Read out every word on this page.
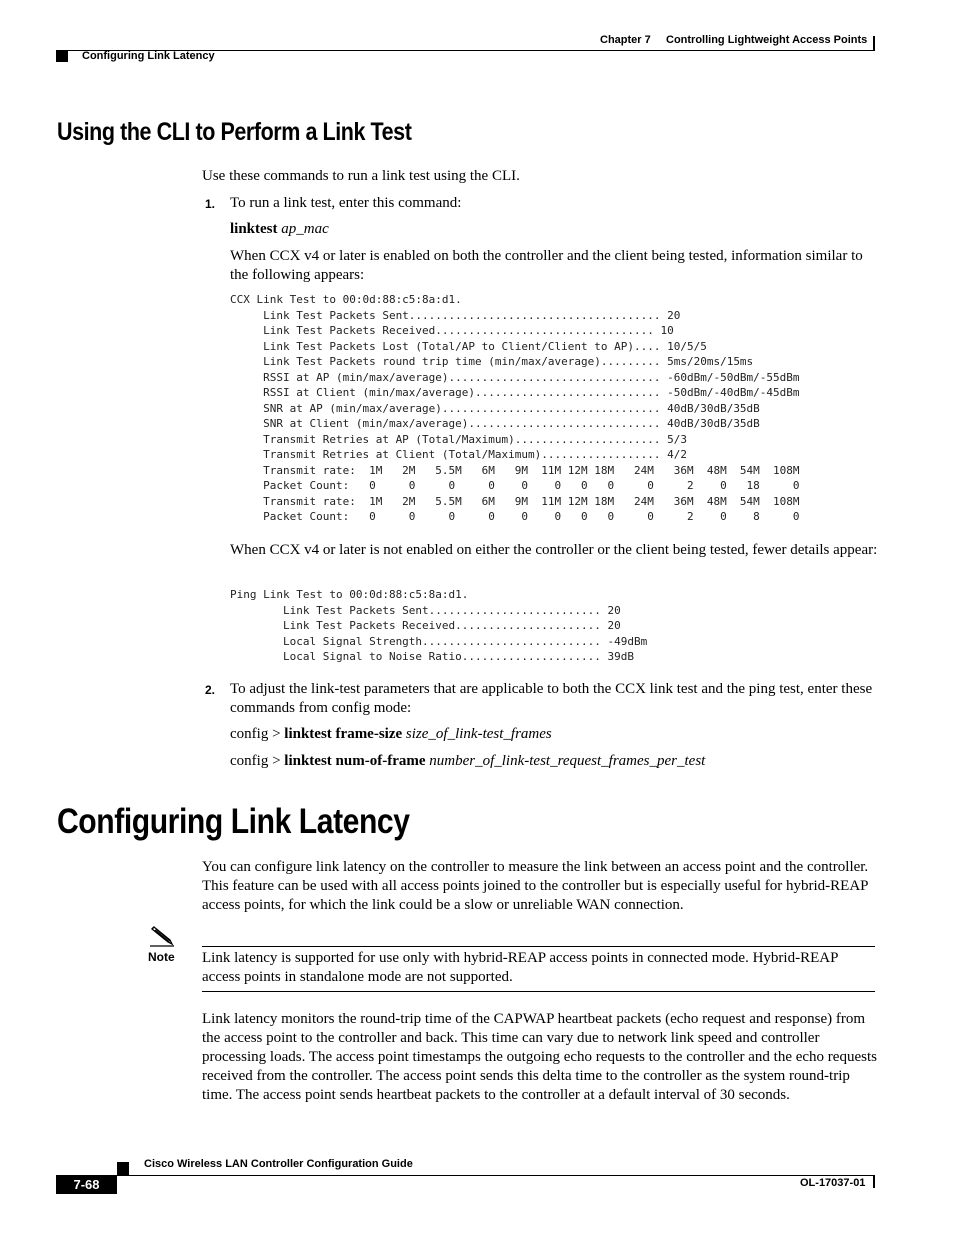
Chapter 7 Controlling Lightweight Access Points
Configuring Link Latency
Using the CLI to Perform a Link Test
Use these commands to run a link test using the CLI.
1. To run a link test, enter this command:
linktest ap_mac
When CCX v4 or later is enabled on both the controller and the client being tested, information similar to the following appears:
CCX Link Test to 00:0d:88:c5:8a:d1.
Link Test Packets Sent...................................... 20
Link Test Packets Received................................. 10
Link Test Packets Lost (Total/AP to Client/Client to AP).... 10/5/5
Link Test Packets round trip time (min/max/average)......... 5ms/20ms/15ms
RSSI at AP (min/max/average)................................ -60dBm/-50dBm/-55dBm
RSSI at Client (min/max/average)............................ -50dBm/-40dBm/-45dBm
SNR at AP (min/max/average)................................. 40dB/30dB/35dB
SNR at Client (min/max/average)............................. 40dB/30dB/35dB
Transmit Retries at AP (Total/Maximum)...................... 5/3
Transmit Retries at Client (Total/Maximum).................. 4/2
Transmit rate:  1M   2M   5.5M   6M   9M  11M 12M 18M   24M   36M  48M  54M  108M
Packet Count:   0     0     0     0    0    0   0   0     0     2    0   18     0
Transmit rate:  1M   2M   5.5M   6M   9M  11M 12M 18M   24M   36M  48M  54M  108M
Packet Count:   0     0     0     0    0    0   0   0     0     2    0    8     0
When CCX v4 or later is not enabled on either the controller or the client being tested, fewer details appear:
Ping Link Test to 00:0d:88:c5:8a:d1.
Link Test Packets Sent.......................... 20
Link Test Packets Received...................... 20
Local Signal Strength........................... -49dBm
Local Signal to Noise Ratio..................... 39dB
2. To adjust the link-test parameters that are applicable to both the CCX link test and the ping test, enter these commands from config mode:
config > linktest frame-size size_of_link-test_frames
config > linktest num-of-frame number_of_link-test_request_frames_per_test
Configuring Link Latency
You can configure link latency on the controller to measure the link between an access point and the controller. This feature can be used with all access points joined to the controller but is especially useful for hybrid-REAP access points, for which the link could be a slow or unreliable WAN connection.
Note Link latency is supported for use only with hybrid-REAP access points in connected mode. Hybrid-REAP access points in standalone mode are not supported.
Link latency monitors the round-trip time of the CAPWAP heartbeat packets (echo request and response) from the access point to the controller and back. This time can vary due to network link speed and controller processing loads. The access point timestamps the outgoing echo requests to the controller and the echo requests received from the controller. The access point sends this delta time to the controller as the system round-trip time. The access point sends heartbeat packets to the controller at a default interval of 30 seconds.
Cisco Wireless LAN Controller Configuration Guide
7-68	OL-17037-01
